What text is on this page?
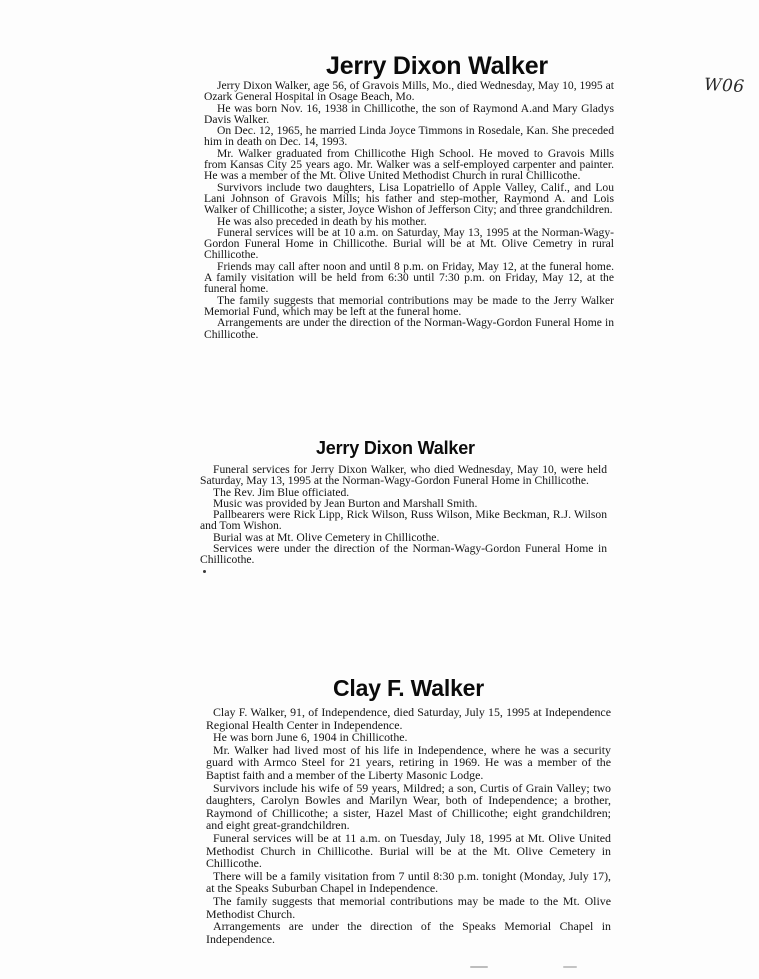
W06
Jerry Dixon Walker

Jerry Dixon Walker, age 56, of Gravois Mills, Mo., died Wednesday, May 10, 1995 at Ozark General Hospital in Osage Beach, Mo.

He was born Nov. 16, 1938 in Chillicothe, the son of Raymond A.and Mary Gladys Davis Walker.

On Dec. 12, 1965, he married Linda Joyce Timmons in Rosedale, Kan. She preceded him in death on Dec. 14, 1993.

Mr. Walker graduated from Chillicothe High School. He moved to Gravois Mills from Kansas City 25 years ago. Mr. Walker was a self-employed carpenter and painter. He was a member of the Mt. Olive United Methodist Church in rural Chillicothe.

Survivors include two daughters, Lisa Lopatriello of Apple Valley, Calif., and Lou Lani Johnson of Gravois Mills; his father and step-mother, Raymond A. and Lois Walker of Chillicothe; a sister, Joyce Wishon of Jefferson City; and three grandchildren.

He was also preceded in death by his mother.

Funeral services will be at 10 a.m. on Saturday, May 13, 1995 at the Norman-Wagy-Gordon Funeral Home in Chillicothe. Burial will be at Mt. Olive Cemetry in rural Chillicothe.

Friends may call after noon and until 8 p.m. on Friday, May 12, at the funeral home. A family visitation will be held from 6:30 until 7:30 p.m. on Friday, May 12, at the funeral home.

The family suggests that memorial contributions may be made to the Jerry Walker Memorial Fund, which may be left at the funeral home.

Arrangements are under the direction of the Norman-Wagy-Gordon Funeral Home in Chillicothe.

Jerry Dixon Walker

Funeral services for Jerry Dixon Walker, who died Wednesday, May 10, were held Saturday, May 13, 1995 at the Norman-Wagy-Gordon Funeral Home in Chillicothe.

The Rev. Jim Blue officiated.

Music was provided by Jean Burton and Marshall Smith.

Pallbearers were Rick Lipp, Rick Wilson, Russ Wilson, Mike Beckman, R.J. Wilson and Tom Wishon.

Burial was at Mt. Olive Cemetery in Chillicothe.

Services were under the direction of the Norman-Wagy-Gordon Funeral Home in Chillicothe.

Clay F. Walker

Clay F. Walker, 91, of Independence, died Saturday, July 15, 1995 at Independence Regional Health Center in Independence.

He was born June 6, 1904 in Chillicothe.

Mr. Walker had lived most of his life in Independence, where he was a security guard with Armco Steel for 21 years, retiring in 1969. He was a member of the Baptist faith and a member of the Liberty Masonic Lodge.

Survivors include his wife of 59 years, Mildred; a son, Curtis of Grain Valley; two daughters, Carolyn Bowles and Marilyn Wear, both of Independence; a brother, Raymond of Chillicothe; a sister, Hazel Mast of Chillicothe; eight grandchildren; and eight great-grandchildren.

Funeral services will be at 11 a.m. on Tuesday, July 18, 1995 at Mt. Olive United Methodist Church in Chillicothe. Burial will be at the Mt. Olive Cemetery in Chillicothe.

There will be a family visitation from 7 until 8:30 p.m. tonight (Monday, July 17), at the Speaks Suburban Chapel in Independence.

The family suggests that memorial contributions may be made to the Mt. Olive Methodist Church.

Arrangements are under the direction of the Speaks Memorial Chapel in Independence.
